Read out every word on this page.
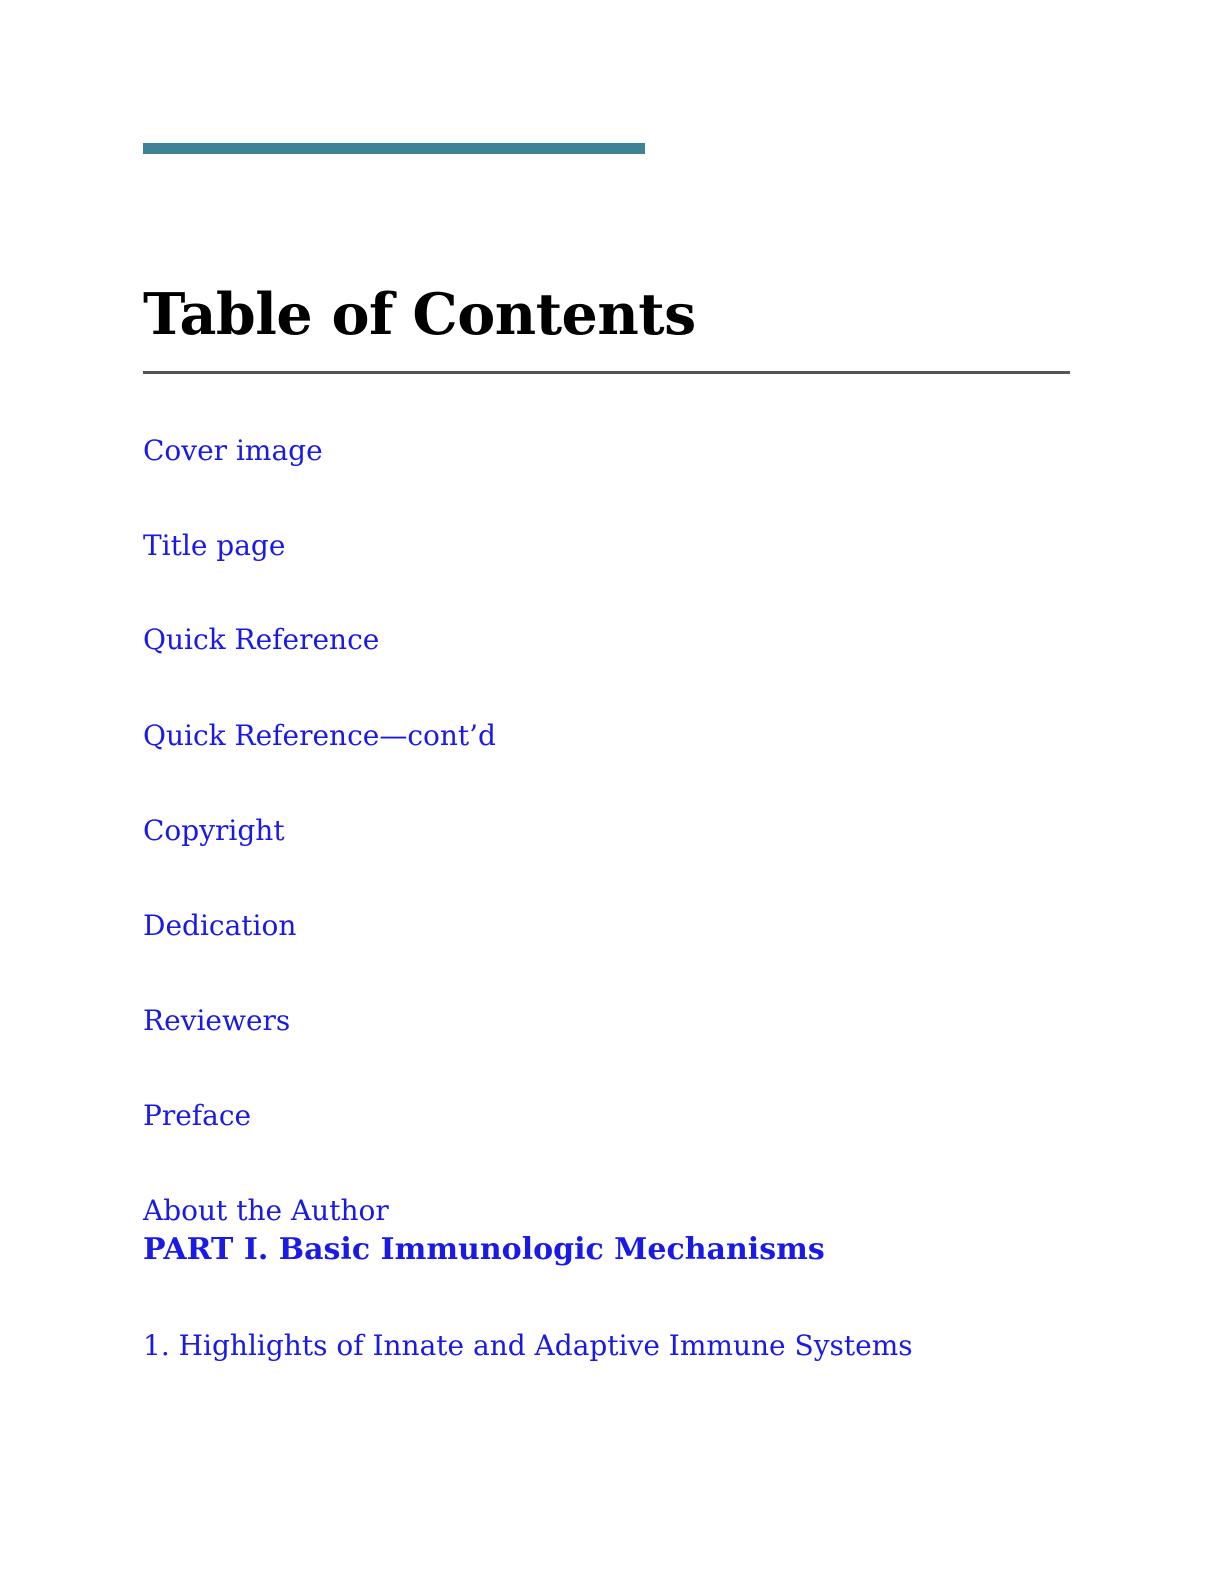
Table of Contents
Cover image
Title page
Quick Reference
Quick Reference—cont’d
Copyright
Dedication
Reviewers
Preface
About the Author
PART I. Basic Immunologic Mechanisms
1. Highlights of Innate and Adaptive Immune Systems
